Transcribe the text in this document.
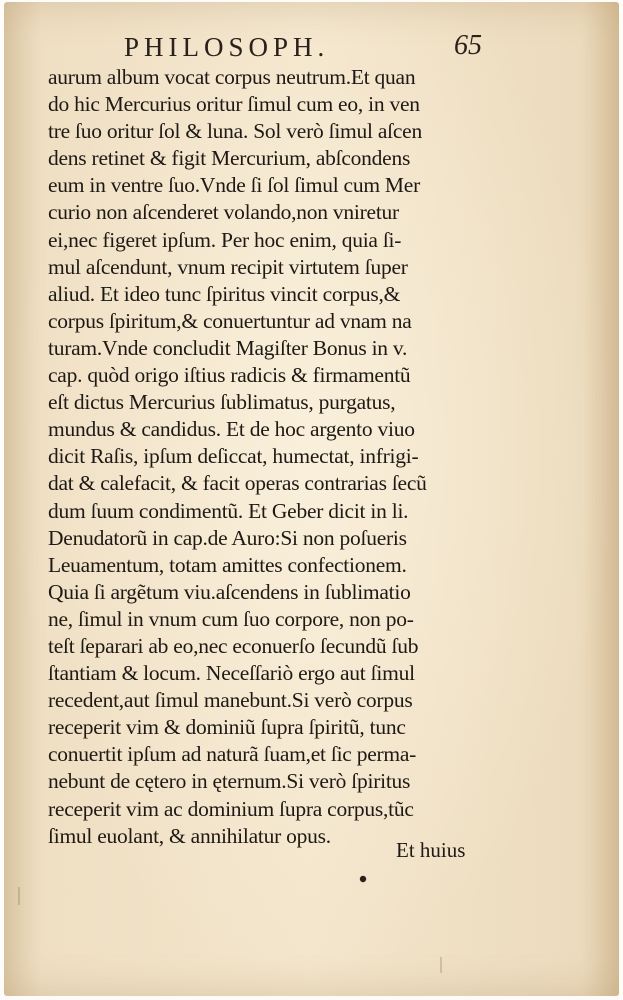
PHILOSOPH.	65
aurum album vocat corpus neutrum.Et quan
do hic Mercurius oritur ſimul cum eo, in ven
tre ſuo oritur ſol & luna. Sol verò ſimul aſcen
dens retinet & figit Mercurium, abſcondens
eum in ventre ſuo.Vnde ſi ſol ſimul cum Mer
curio non aſcenderet volando,non vniretur
ei,nec figeret ipſum. Per hoc enim, quia ſi-
mul aſcendunt, vnum recipit virtutem ſuper
aliud. Et ideo tunc ſpiritus vincit corpus,&
corpus ſpiritum,& conuertuntur ad vnam na
turam.Vnde concludit Magiſter Bonus in v.
cap. quòd origo iſtius radicis & firmamentũ
eſt dictus Mercurius ſublimatus, purgatus,
mundus & candidus. Et de hoc argento viuo
dicit Raſis, ipſum deſiccat, humectat, infrigi-
dat & calefacit, & facit operas contrarias ſecũ
dum ſuum condimentũ. Et Geber dicit in li.
Denudatorũ in cap.de Auro:Si non poſueris
Leuamentum, totam amittes confectionem.
Quia ſi argẽtum viu.aſcendens in ſublimatio
ne, ſimul in vnum cum ſuo corpore, non po-
teſt ſeparari ab eo,nec econuerſo ſecundũ ſub
ſtantiam & locum. Neceſſariò ergo aut ſimul
recedent,aut ſimul manebunt.Si verò corpus
receperit vim & dominiũ ſupra ſpiritũ, tunc
conuertit ipſum ad naturã ſuam,et ſic perma-
nebunt de cętero in ęternum.Si verò ſpiritus
receperit vim ac dominium ſupra corpus,tũc
ſimul euolant, & annihilatur opus.
Et huius
